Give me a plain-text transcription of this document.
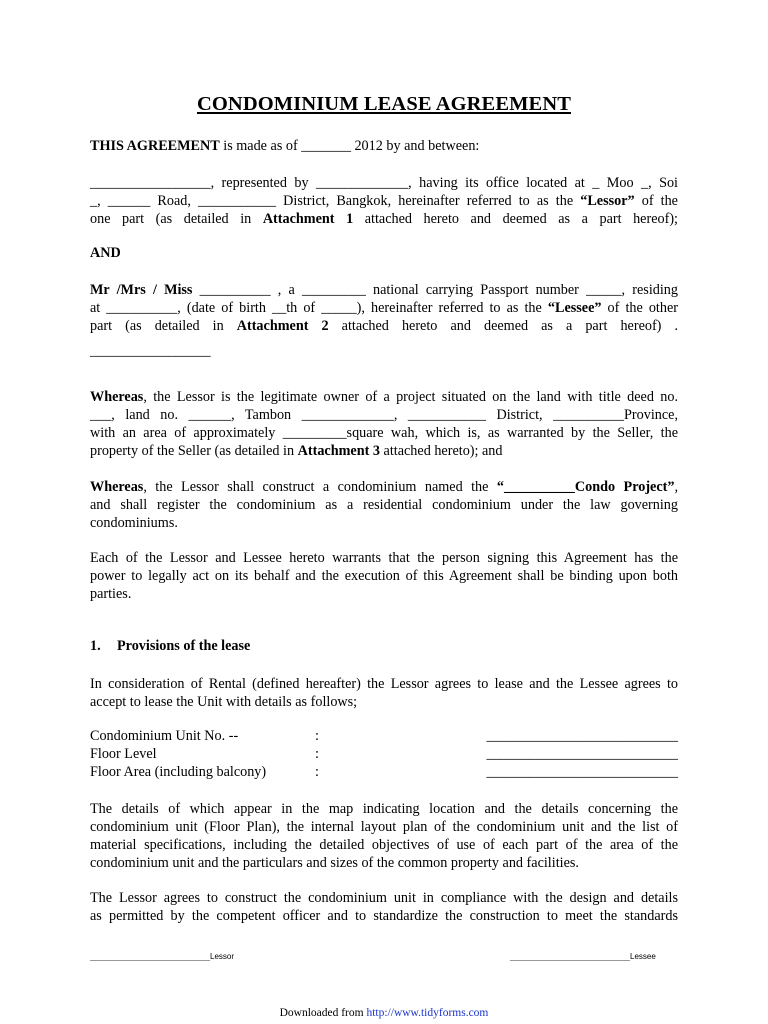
CONDOMINIUM LEASE AGREEMENT

THIS AGREEMENT is made as of _______ 2012 by and between:

_________________, represented by _____________, having its office located at _ Moo _, Soi
_, ______ Road, ___________ District, Bangkok, hereinafter referred to as the “Lessor” of the
one part (as detailed in Attachment 1 attached hereto and deemed as a part hereof);

AND

Mr /Mrs / Miss __________ , a _________ national carrying Passport number _____, residing
at __________, (date of birth __th of _____), hereinafter referred to as the “Lessee” of the other
part (as detailed in Attachment 2 attached hereto and deemed as a part hereof) .
_________________

Whereas, the Lessor is the legitimate owner of a project situated on the land with title deed no.
___, land no. ______, Tambon _____________, ___________ District, __________Province,
with an area of approximately _________square wah, which is, as warranted by the Seller, the
property of the Seller (as detailed in Attachment 3 attached hereto); and

Whereas, the Lessor shall construct a condominium named the “__________Condo Project”,
and shall register the condominium as a residential condominium under the law governing
condominiums.

Each of the Lessor and Lessee hereto warrants that the person signing this Agreement has the
power to legally act on its behalf and the execution of this Agreement shall be binding upon both
parties.

1. Provisions of the lease

In consideration of Rental (defined hereafter) the Lessor agrees to lease and the Lessee agrees to
accept to lease the Unit with details as follows;

Condominium Unit No. --	:	___________________________
Floor Level	:	___________________________
Floor Area (including balcony)	:	___________________________

The details of which appear in the map indicating location and the details concerning the
condominium unit (Floor Plan), the internal layout plan of the condominium unit and the list of
material specifications, including the detailed objectives of use of each part of the area of the
condominium unit and the particulars and sizes of the common property and facilities.

The Lessor agrees to construct the condominium unit in compliance with the design and details
as permitted by the competent officer and to standardize the construction to meet the standards

Lessor	Lessee
Downloaded from http://www.tidyforms.com
